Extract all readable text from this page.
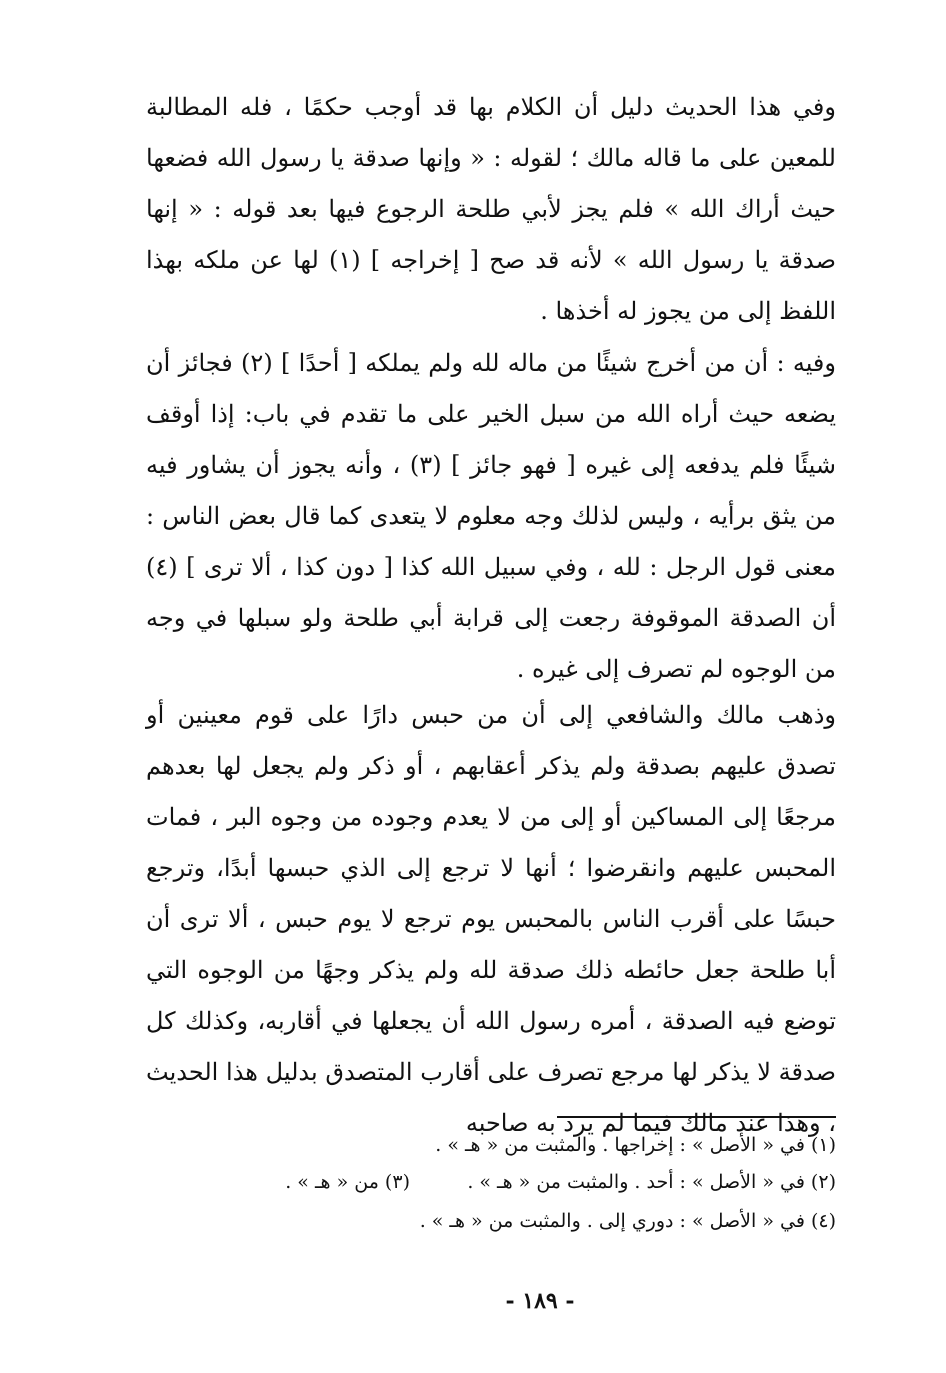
وفي هذا الحديث دليل أن الكلام بها قد أوجب حكمًا ، فله المطالبة للمعين على ما قاله مالك ؛ لقوله : « وإنها صدقة يا رسول الله فضعها حيث أراك الله » فلم يجز لأبي طلحة الرجوع فيها بعد قوله : « إنها صدقة يا رسول الله » لأنه قد صح [ إخراجه ] (١) لها عن ملكه بهذا اللفظ إلى من يجوز له أخذها .

وفيه : أن من أخرج شيئًا من ماله لله ولم يملكه [ أحدًا ] (٢) فجائز أن يضعه حيث أراه الله من سبل الخير على ما تقدم في باب: إذا أوقف شيئًا فلم يدفعه إلى غيره [ فهو جائز ] (٣) ، وأنه يجوز أن يشاور فيه من يثق برأيه ، وليس لذلك وجه معلوم لا يتعدى كما قال بعض الناس : معنى قول الرجل : لله ، وفي سبيل الله كذا [ دون كذا ، ألا ترى ] (٤) أن الصدقة الموقوفة رجعت إلى قرابة أبي طلحة ولو سبلها في وجه من الوجوه لم تصرف إلى غيره .

وذهب مالك والشافعي إلى أن من حبس دارًا على قوم معينين أو تصدق عليهم بصدقة ولم يذكر أعقابهم ، أو ذكر ولم يجعل لها بعدهم مرجعًا إلى المساكين أو إلى من لا يعدم وجوده من وجوه البر ، فمات المحبس عليهم وانقرضوا ؛ أنها لا ترجع إلى الذي حبسها أبدًا، وترجع حبسًا على أقرب الناس بالمحبس يوم ترجع لا يوم حبس ، ألا ترى أن أبا طلحة جعل حائطه ذلك صدقة لله ولم يذكر وجهًا من الوجوه التي توضع فيه الصدقة ، أمره رسول الله أن يجعلها في أقاربه، وكذلك كل صدقة لا يذكر لها مرجع تصرف على أقارب المتصدق بدليل هذا الحديث ، وهذا عند مالك فيما لم يرد به صاحبه

(١) في « الأصل » : إخراجها . والمثبت من « هـ » .
(٢) في « الأصل » : أحد . والمثبت من « هـ » .
(٣) من « هـ » .
(٤) في « الأصل » : دوري إلى . والمثبت من « هـ » .
- ١٨٩ -
